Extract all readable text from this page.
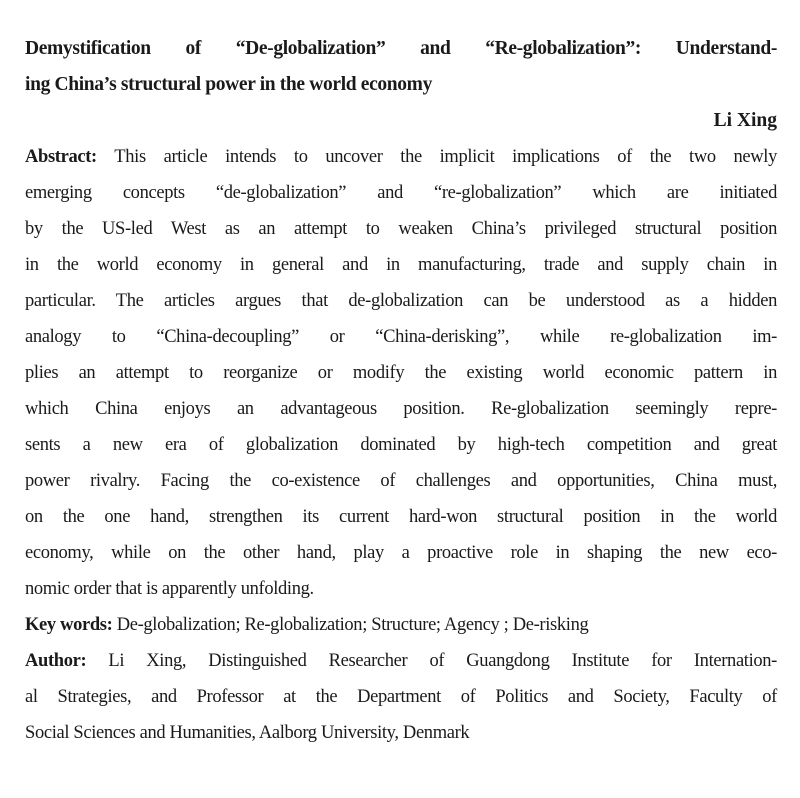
Demystification of “De‑globalization” and “Re‑globalization”: Understand-
ing China’s structural power in the world economy
Li Xing
Abstract: This article intends to uncover the implicit implications of the two newly
emerging concepts “de‑globalization” and “re‑globalization” which are initiated
by the US‑led West as an attempt to weaken China’s privileged structural position
in the world economy in general and in manufacturing, trade and supply chain in
particular. The articles argues that de‑globalization can be understood as a hidden
analogy to “China‑decoupling” or “China‑derisking”, while re‑globalization im-
plies an attempt to reorganize or modify the existing world economic pattern in
which China enjoys an advantageous position. Re‑globalization seemingly repre-
sents a new era of globalization dominated by high‑tech competition and great
power rivalry. Facing the co‑existence of challenges and opportunities, China must,
on the one hand, strengthen its current hard‑won structural position in the world
economy, while on the other hand, play a proactive role in shaping the new eco-
nomic order that is apparently unfolding.
Key words: De‑globalization; Re‑globalization; Structure; Agency ; De‑risking
Author: Li Xing, Distinguished Researcher of Guangdong Institute for Internation-
al Strategies, and Professor at the Department of Politics and Society, Faculty of
Social Sciences and Humanities, Aalborg University, Denmark
